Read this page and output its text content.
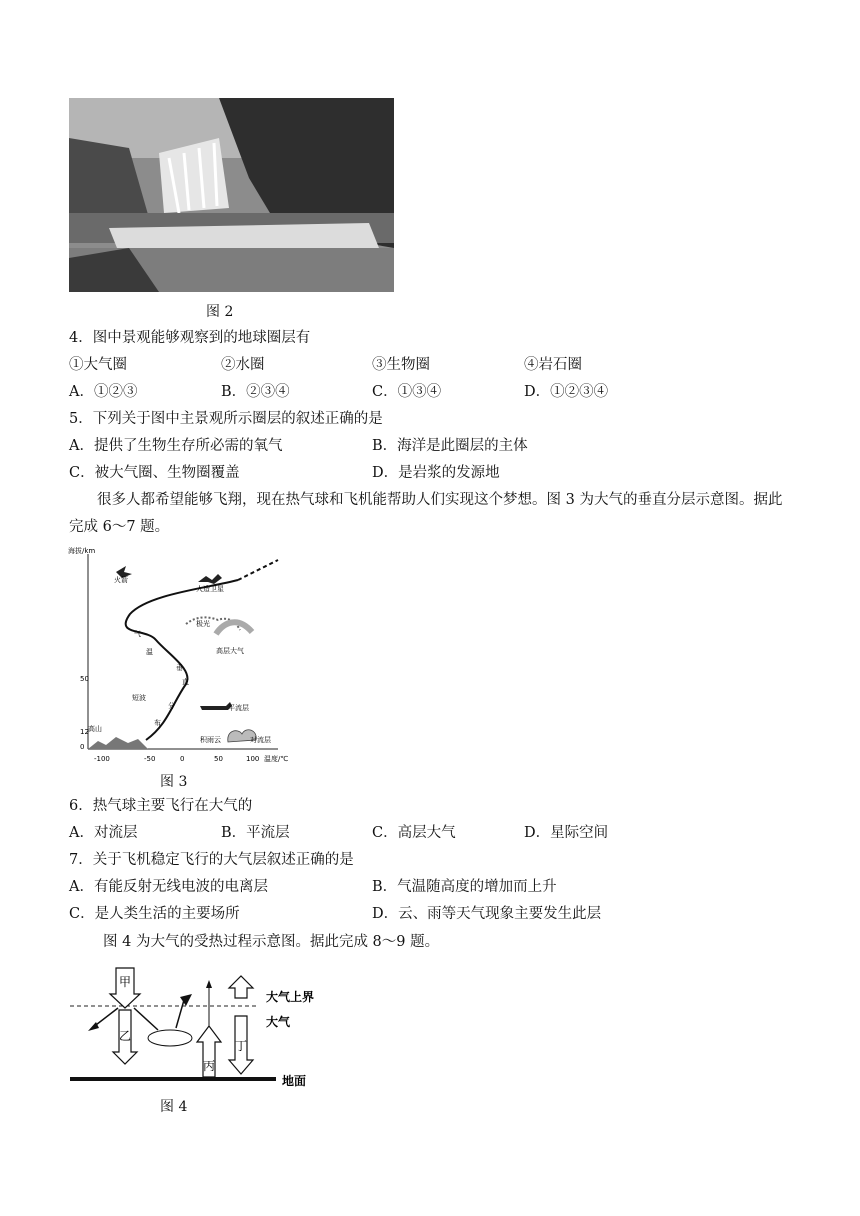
图 2
4．图中景观能够观察到的地球圈层有
①大气圈	②水圈	③生物圈	④岩石圈
A．①②③	B．②③④	C．①③④	D．①②③④
5．下列关于图中主景观所示圈层的叙述正确的是
A．提供了生物生存所必需的氧气	B．海洋是此圈层的主体
C．被大气圈、生物圈覆盖	D．是岩浆的发源地
很多人都希望能够飞翔，现在热气球和飞机能帮助人们实现这个梦想。图 3 为大气的垂直分层示意图。据此完成 6～7 题。
海拔/km
50
12
0
-100	-50	0	50	100 温度/℃
火箭
人造卫星
极光
高层大气
平流层
对流层
高山
积雨云
短波
气
温
垂
直
分
布
图 3
6．热气球主要飞行在大气的
A．对流层	B．平流层	C．高层大气	D．星际空间
7．关于飞机稳定飞行的大气层叙述正确的是
A．有能反射无线电波的电离层	B．气温随高度的增加而上升
C．是人类生活的主要场所	D．云、雨等天气现象主要发生此层
图 4 为大气的受热过程示意图。据此完成 8～9 题。
甲
乙
丙
丁
大气上界
大气
地面
图 4
